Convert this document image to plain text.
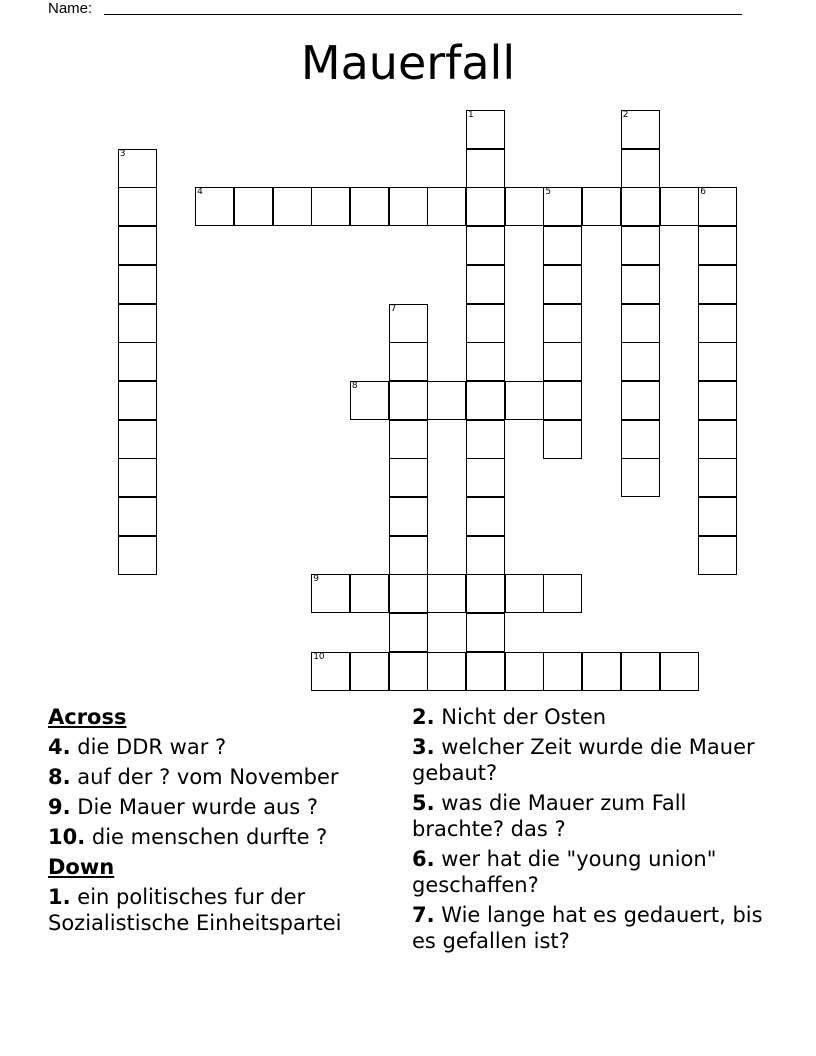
Name:
Mauerfall
1	2
3
4	5	6
7
8
9
10
Across
4. die DDR war ?
8. auf der ? vom November
9. Die Mauer wurde aus ?
10. die menschen durfte ?
Down
1. ein politisches fur der Sozialistische Einheitspartei
2. Nicht der Osten
3. welcher Zeit wurde die Mauer gebaut?
5. was die Mauer zum Fall brachte? das ?
6. wer hat die "young union" geschaffen?
7. Wie lange hat es gedauert, bis es gefallen ist?
